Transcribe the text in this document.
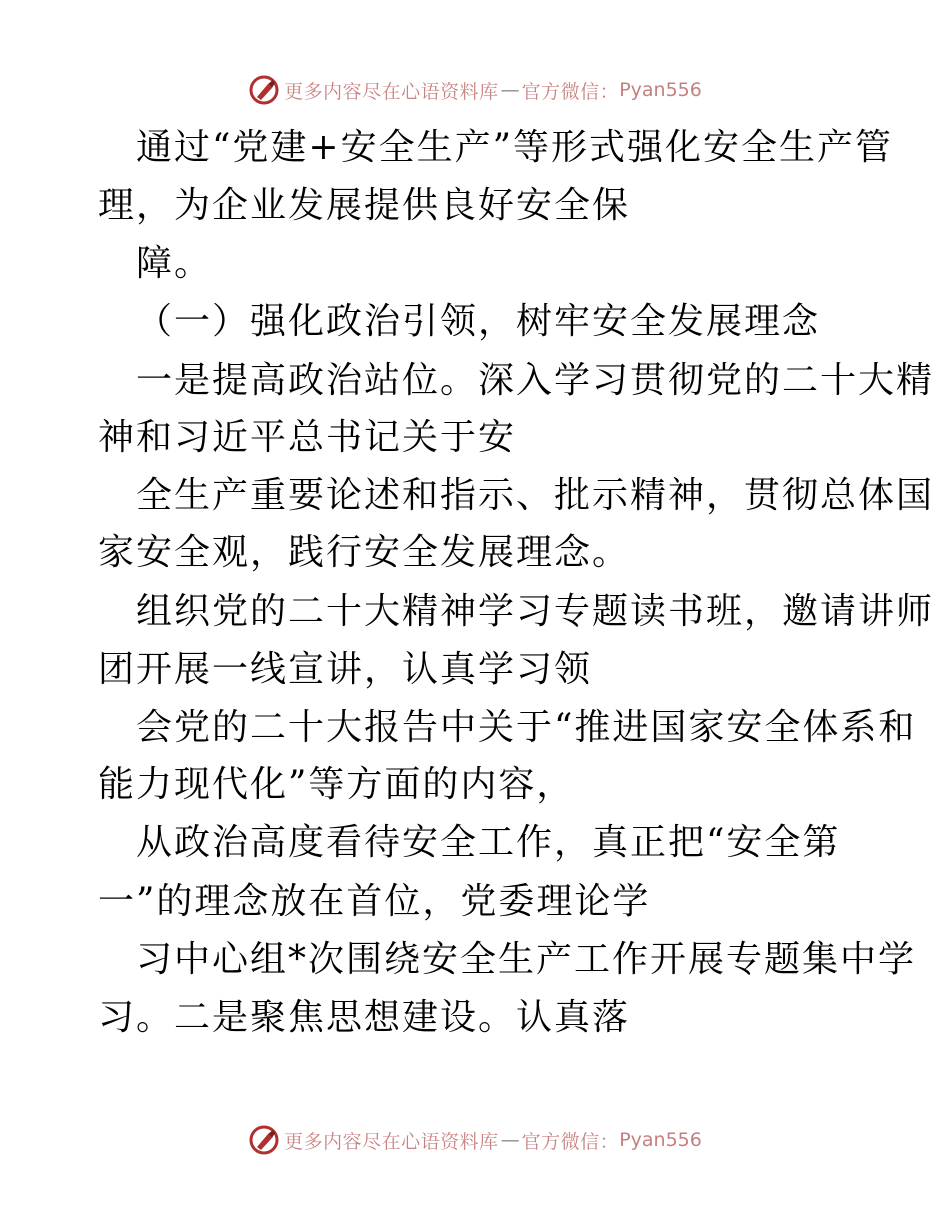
更多内容尽在心语资料库 — 官方微信： Pyan556
通过“党建+安全生产”等形式强化安全生产管
理，为企业发展提供良好安全保
障。
（一）强化政治引领，树牢安全发展理念
一是提高政治站位。深入学习贯彻党的二十大精
神和习近平总书记关于安
全生产重要论述和指示、批示精神，贯彻总体国
家安全观，践行安全发展理念。
组织党的二十大精神学习专题读书班，邀请讲师
团开展一线宣讲，认真学习领
会党的二十大报告中关于“推进国家安全体系和
能力现代化”等方面的内容，
从政治高度看待安全工作，真正把“安全第
一”的理念放在首位，党委理论学
习中心组*次围绕安全生产工作开展专题集中学
习。二是聚焦思想建设。认真落
更多内容尽在心语资料库 — 官方微信： Pyan556
